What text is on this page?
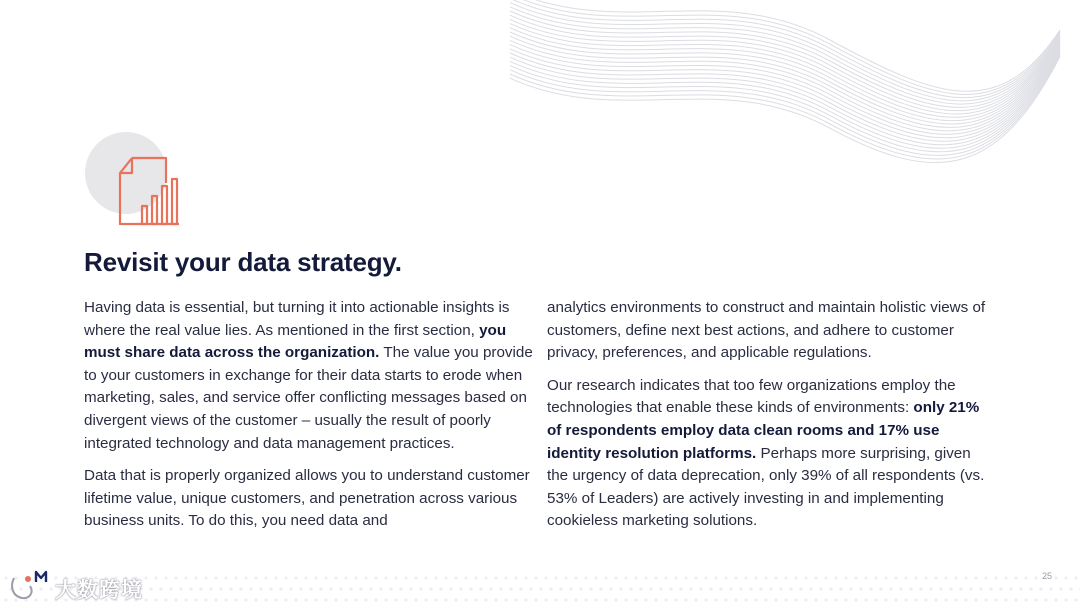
Revisit your data strategy.

Having data is essential, but turning it into actionable insights is where the real value lies. As mentioned in the first section, you must share data across the organization. The value you provide to your customers in exchange for their data starts to erode when marketing, sales, and service offer conflicting messages based on divergent views of the customer – usually the result of poorly integrated technology and data management practices.

Data that is properly organized allows you to understand customer lifetime value, unique customers, and penetration across various business units. To do this, you need data and

analytics environments to construct and maintain holistic views of customers, define next best actions, and adhere to customer privacy, preferences, and applicable regulations.

Our research indicates that too few organizations employ the technologies that enable these kinds of environments: only 21% of respondents employ data clean rooms and 17% use identity resolution platforms. Perhaps more surprising, given the urgency of data deprecation, only 39% of all respondents (vs. 53% of Leaders) are actively investing in and implementing cookieless marketing solutions.

25
大数跨境
